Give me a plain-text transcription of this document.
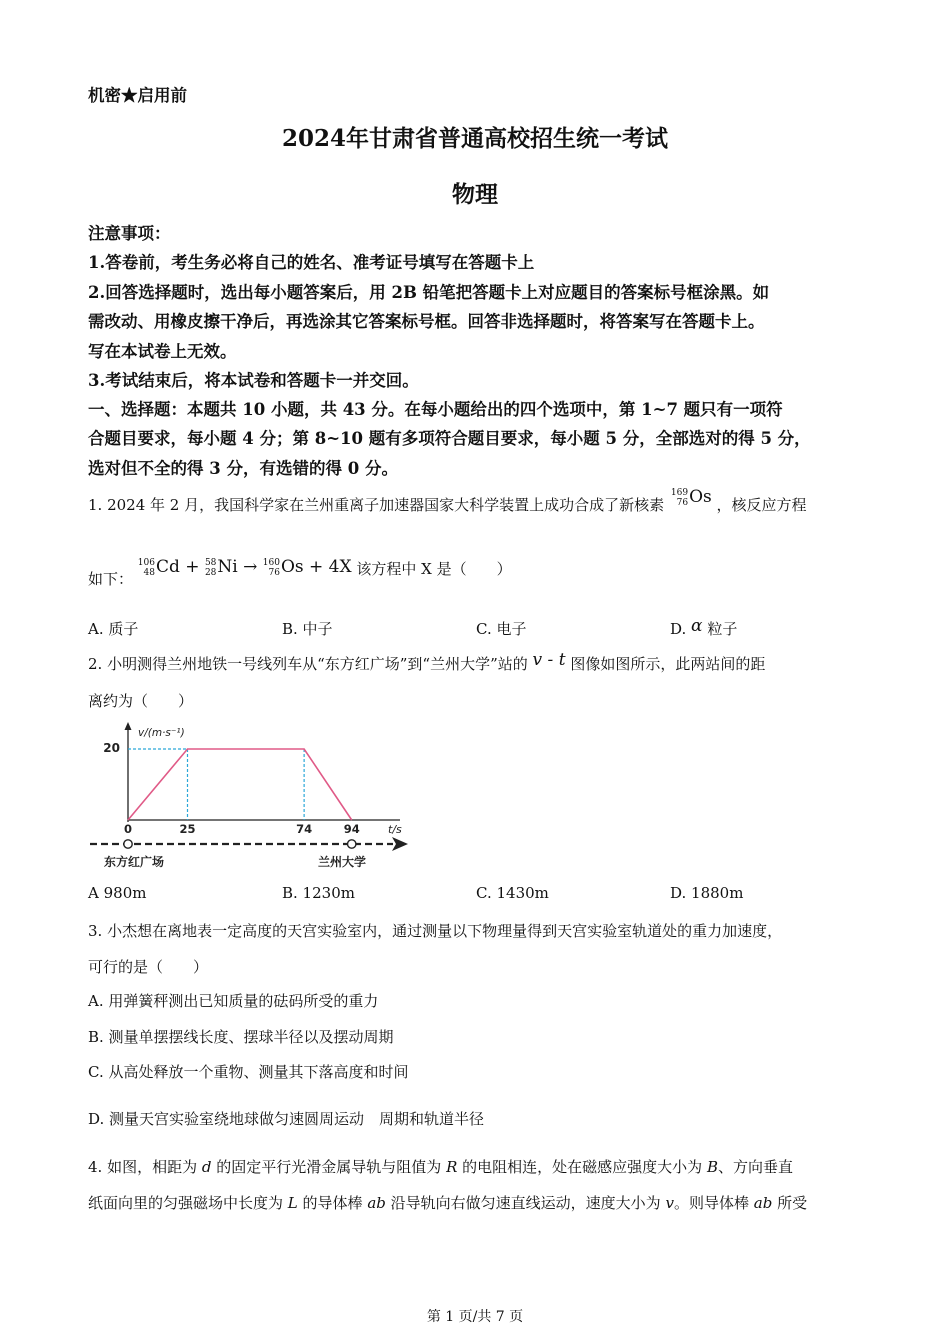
机密★启用前
2024年甘肃省普通高校招生统一考试
物理
注意事项：
1.答卷前，考生务必将自己的姓名、准考证号填写在答题卡上
2.回答选择题时，选出每小题答案后，用 2B 铅笔把答题卡上对应题目的答案标号框涂黑。如
需改动、用橡皮擦干净后，再选涂其它答案标号框。回答非选择题时，将答案写在答题卡上。
写在本试卷上无效。
3.考试结束后，将本试卷和答题卡一并交回。
一、选择题：本题共 10 小题，共 43 分。在每小题给出的四个选项中，第 1~7 题只有一项符
合题目要求，每小题 4 分；第 8~10 题有多项符合题目要求，每小题 5 分，全部选对的得 5 分，
选对但不全的得 3 分，有选错的得 0 分。
1. 2024 年 2 月，我国科学家在兰州重离子加速器国家大科学装置上成功合成了新核素
169
76 Os ，核反应方程
如下：
106
48 Cd + 58
28 Ni → 160
76 Os + 4X 该方程中 X 是（　　）
A. 质子	B. 中子	C. 电子	D. α 粒子
2. 小明测得兰州地铁一号线列车从“东方红广场”到“兰州大学”站的 v - t 图像如图所示，此两站间的距
离约为（　　）
v/(m·s⁻¹)
20
0	25	74	94	t/s
东方红广场	兰州大学
A 980m	B. 1230m	C. 1430m	D. 1880m
3. 小杰想在离地表一定高度的天宫实验室内，通过测量以下物理量得到天宫实验室轨道处的重力加速度，
可行的是（　　）
A. 用弹簧秤测出已知质量的砝码所受的重力
B. 测量单摆摆线长度、摆球半径以及摆动周期
C. 从高处释放一个重物、测量其下落高度和时间
D. 测量天宫实验室绕地球做匀速圆周运动　周期和轨道半径
4. 如图，相距为 d 的固定平行光滑金属导轨与阻值为 R 的电阻相连，处在磁感应强度大小为 B、方向垂直
纸面向里的匀强磁场中长度为 L 的导体棒 ab 沿导轨向右做匀速直线运动，速度大小为 v。则导体棒 ab 所受
第 1 页/共 7 页
